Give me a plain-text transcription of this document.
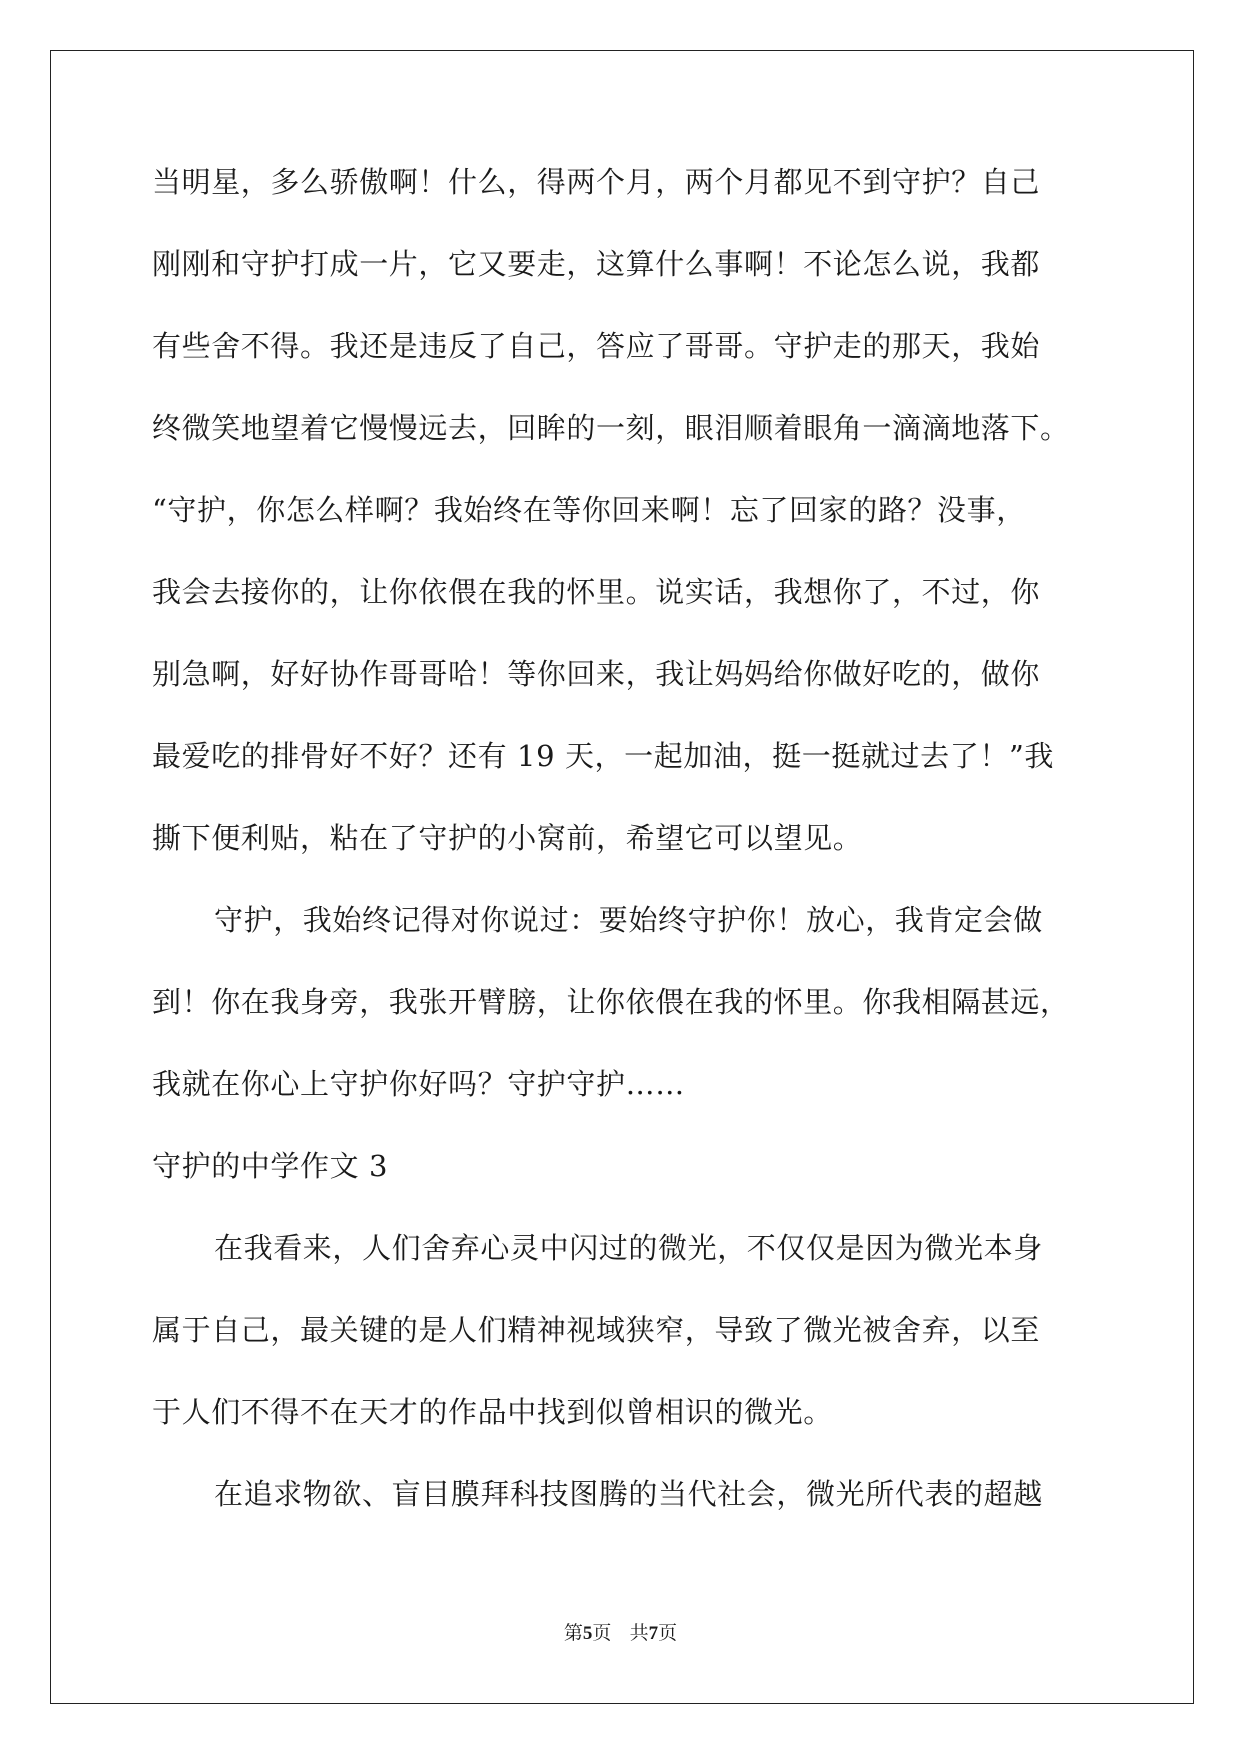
当明星，多么骄傲啊！什么，得两个月，两个月都见不到守护？自己
刚刚和守护打成一片，它又要走，这算什么事啊！不论怎么说，我都
有些舍不得。我还是违反了自己，答应了哥哥。守护走的那天，我始
终微笑地望着它慢慢远去，回眸的一刻，眼泪顺着眼角一滴滴地落下。
“守护，你怎么样啊？我始终在等你回来啊！忘了回家的路？没事，
我会去接你的，让你依偎在我的怀里。说实话，我想你了，不过，你
别急啊，好好协作哥哥哈！等你回来，我让妈妈给你做好吃的，做你
最爱吃的排骨好不好？还有 19 天，一起加油，挺一挺就过去了！”我
撕下便利贴，粘在了守护的小窝前，希望它可以望见。
守护，我始终记得对你说过：要始终守护你！放心，我肯定会做
到！你在我身旁，我张开臂膀，让你依偎在我的怀里。你我相隔甚远，
我就在你心上守护你好吗？守护守护……
守护的中学作文 3
在我看来，人们舍弃心灵中闪过的微光，不仅仅是因为微光本身
属于自己，最关键的是人们精神视域狭窄，导致了微光被舍弃，以至
于人们不得不在天才的作品中找到似曾相识的微光。
在追求物欲、盲目膜拜科技图腾的当代社会，微光所代表的超越
第5页 共7页
